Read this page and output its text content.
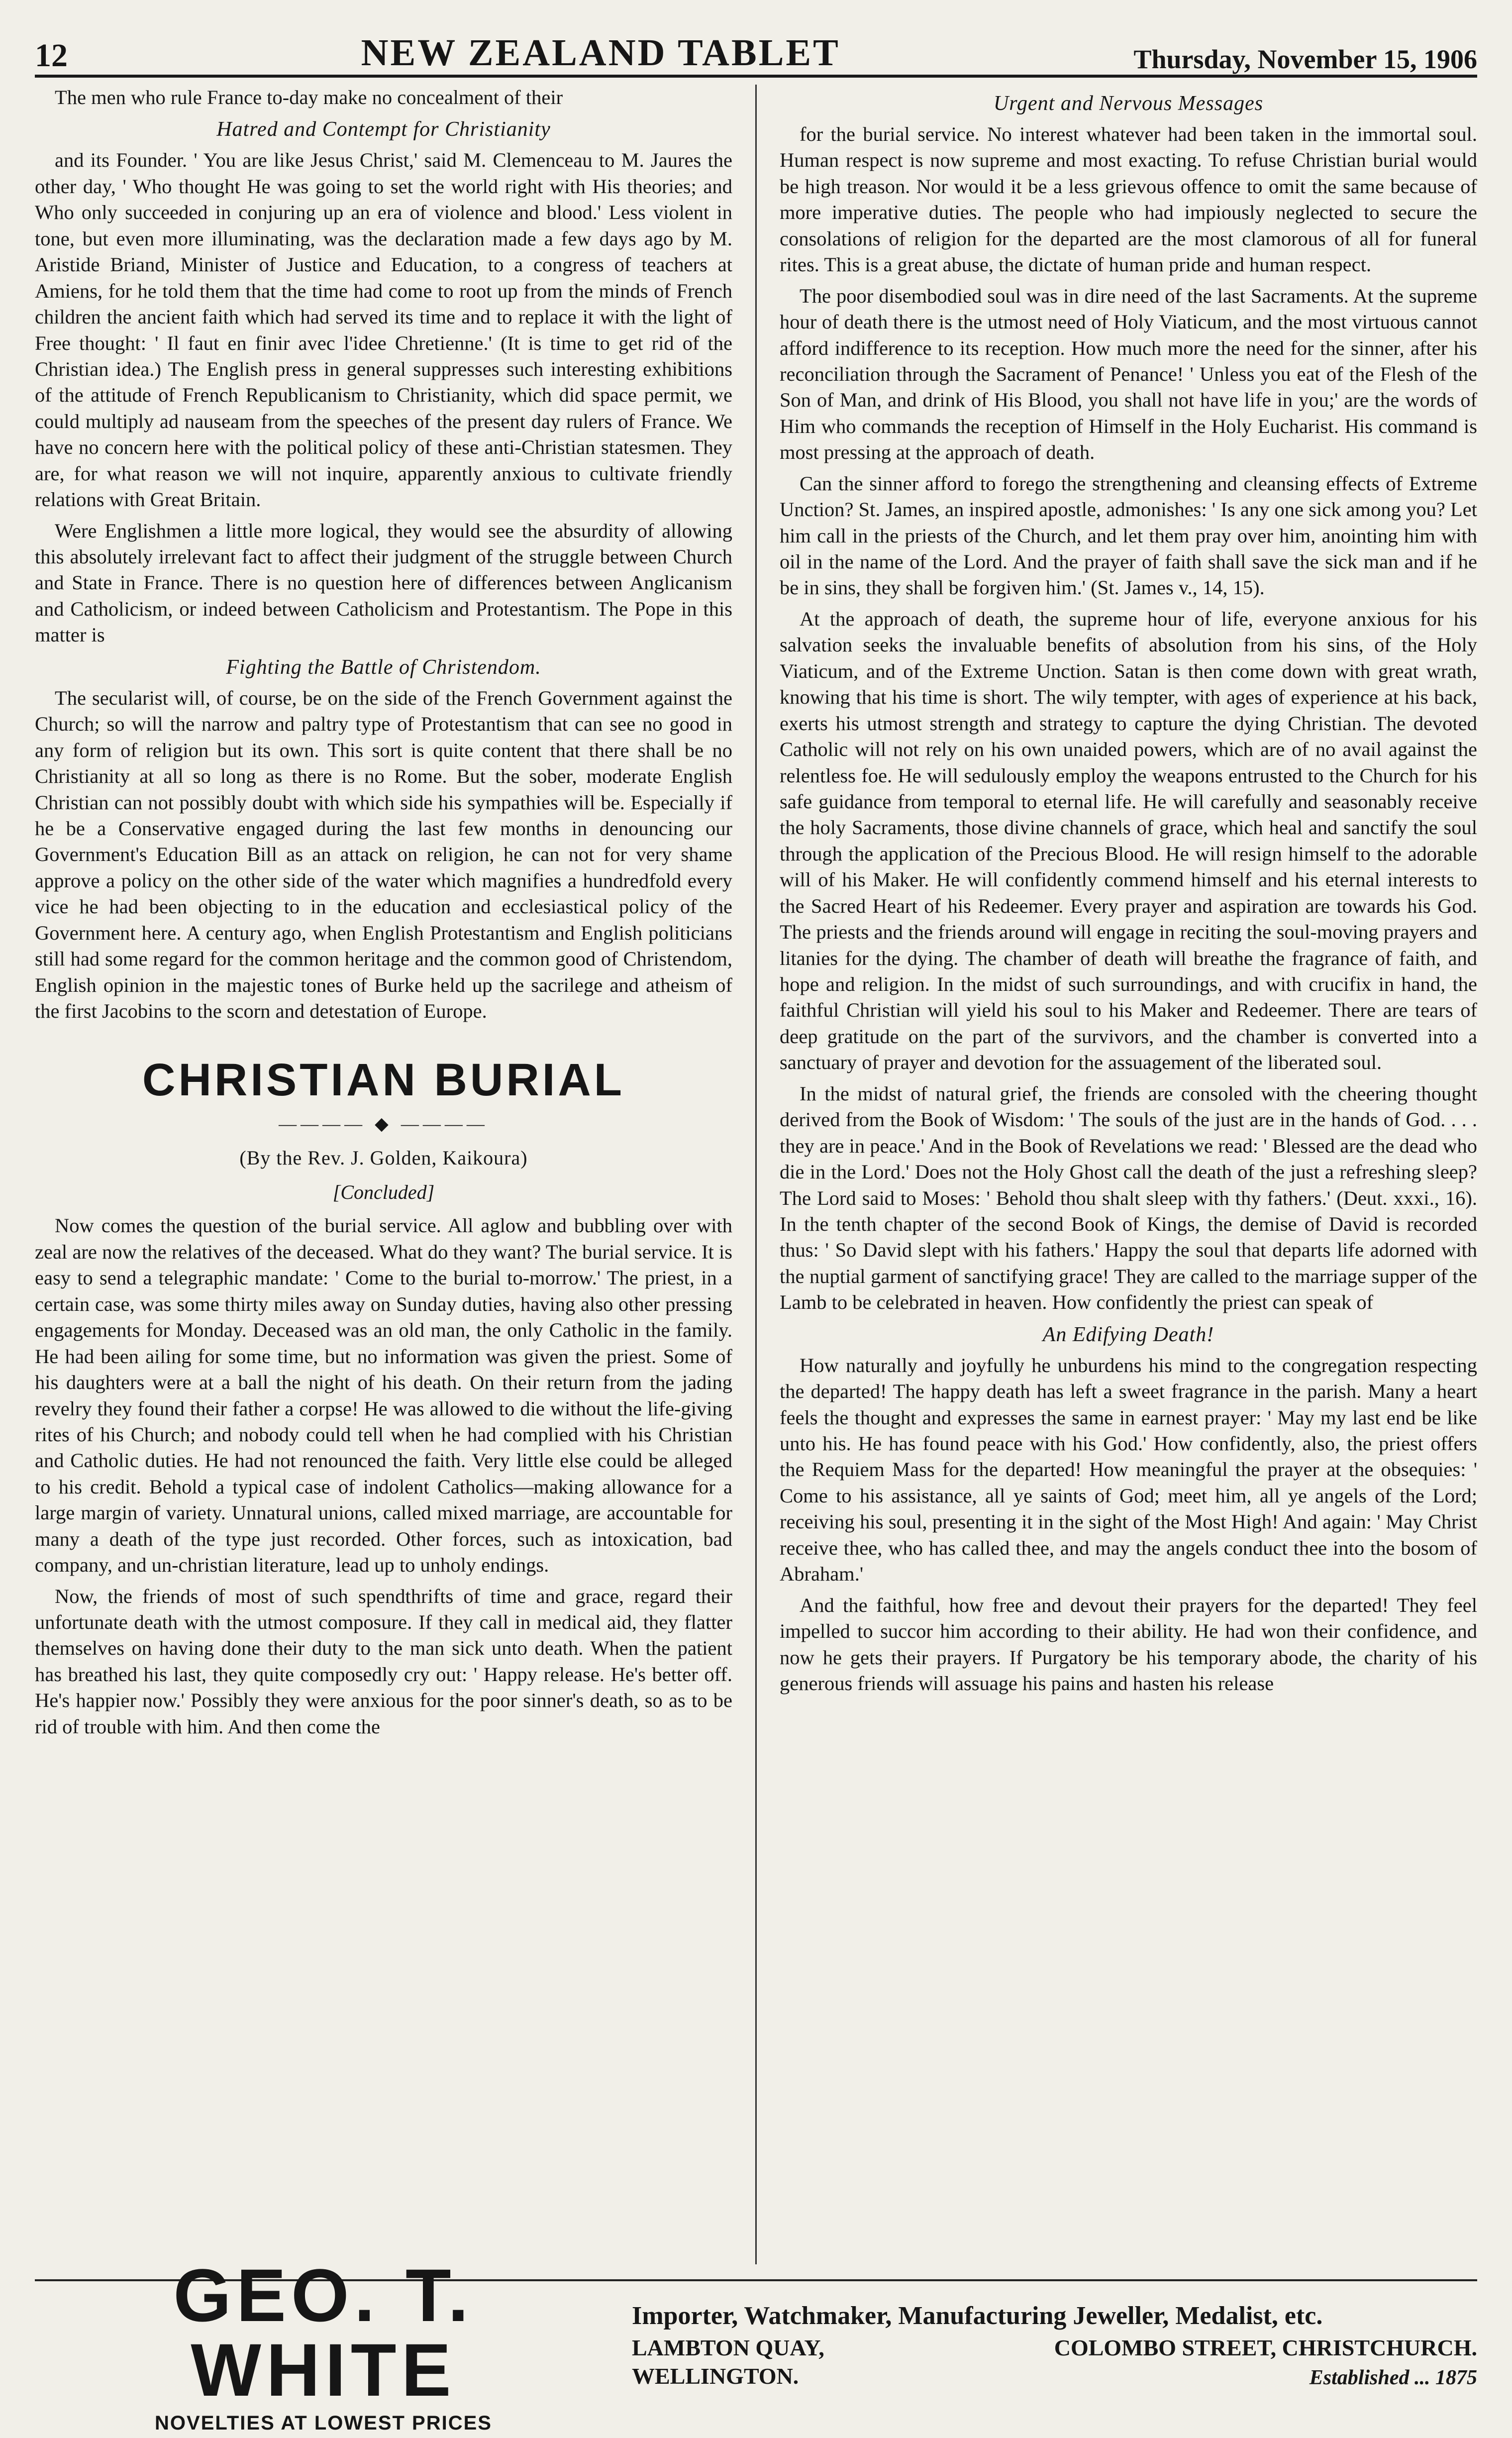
12	NEW ZEALAND TABLET	Thursday, November 15, 1906

The men who rule France to-day make no concealment of their

Hatred and Contempt for Christianity

and its Founder. ' You are like Jesus Christ,' said M. Clemenceau to M. Jaures the other day, ' Who thought He was going to set the world right with His theories; and Who only succeeded in conjuring up an era of violence and blood.' Less violent in tone, but even more illuminating, was the declaration made a few days ago by M. Aristide Briand, Minister of Justice and Education, to a congress of teachers at Amiens, for he told them that the time had come to root up from the minds of French children the ancient faith which had served its time and to replace it with the light of Free thought: ' Il faut en finir avec l'idee Chretienne.' (It is time to get rid of the Christian idea.) The English press in general suppresses such interesting exhibitions of the attitude of French Republicanism to Christianity, which did space permit, we could multiply ad nauseam from the speeches of the present day rulers of France. We have no concern here with the political policy of these anti-Christian statesmen. They are, for what reason we will not inquire, apparently anxious to cultivate friendly relations with Great Britain.

Were Englishmen a little more logical, they would see the absurdity of allowing this absolutely irrelevant fact to affect their judgment of the struggle between Church and State in France. There is no question here of differences between Anglicanism and Catholicism, or indeed between Catholicism and Protestantism. The Pope in this matter is

Fighting the Battle of Christendom.

The secularist will, of course, be on the side of the French Government against the Church; so will the narrow and paltry type of Protestantism that can see no good in any form of religion but its own. This sort is quite content that there shall be no Christianity at all so long as there is no Rome. But the sober, moderate English Christian can not possibly doubt with which side his sympathies will be. Especially if he be a Conservative engaged during the last few months in denouncing our Government's Education Bill as an attack on religion, he can not for very shame approve a policy on the other side of the water which magnifies a hundredfold every vice he had been objecting to in the education and ecclesiastical policy of the Government here. A century ago, when English Protestantism and English politicians still had some regard for the common heritage and the common good of Christendom, English opinion in the majestic tones of Burke held up the sacrilege and atheism of the first Jacobins to the scorn and detestation of Europe.

CHRISTIAN BURIAL
———— ◆ ————
(By the Rev. J. Golden, Kaikoura)
[Concluded]

Now comes the question of the burial service. All aglow and bubbling over with zeal are now the relatives of the deceased. What do they want? The burial service. It is easy to send a telegraphic mandate: ' Come to the burial to-morrow.' The priest, in a certain case, was some thirty miles away on Sunday duties, having also other pressing engagements for Monday. Deceased was an old man, the only Catholic in the family. He had been ailing for some time, but no information was given the priest. Some of his daughters were at a ball the night of his death. On their return from the jading revelry they found their father a corpse! He was allowed to die without the life-giving rites of his Church; and nobody could tell when he had complied with his Christian and Catholic duties. He had not renounced the faith. Very little else could be alleged to his credit. Behold a typical case of indolent Catholics—making allowance for a large margin of variety. Unnatural unions, called mixed marriage, are accountable for many a death of the type just recorded. Other forces, such as intoxication, bad company, and un-christian literature, lead up to unholy endings.

Now, the friends of most of such spendthrifts of time and grace, regard their unfortunate death with the utmost composure. If they call in medical aid, they flatter themselves on having done their duty to the man sick unto death. When the patient has breathed his last, they quite composedly cry out: ' Happy release. He's better off. He's happier now.' Possibly they were anxious for the poor sinner's death, so as to be rid of trouble with him. And then come the

Urgent and Nervous Messages

for the burial service. No interest whatever had been taken in the immortal soul. Human respect is now supreme and most exacting. To refuse Christian burial would be high treason. Nor would it be a less grievous offence to omit the same because of more imperative duties. The people who had impiously neglected to secure the consolations of religion for the departed are the most clamorous of all for funeral rites. This is a great abuse, the dictate of human pride and human respect.

The poor disembodied soul was in dire need of the last Sacraments. At the supreme hour of death there is the utmost need of Holy Viaticum, and the most virtuous cannot afford indifference to its reception. How much more the need for the sinner, after his reconciliation through the Sacrament of Penance! ' Unless you eat of the Flesh of the Son of Man, and drink of His Blood, you shall not have life in you;' are the words of Him who commands the reception of Himself in the Holy Eucharist. His command is most pressing at the approach of death.

Can the sinner afford to forego the strengthening and cleansing effects of Extreme Unction? St. James, an inspired apostle, admonishes: ' Is any one sick among you? Let him call in the priests of the Church, and let them pray over him, anointing him with oil in the name of the Lord. And the prayer of faith shall save the sick man and if he be in sins, they shall be forgiven him.' (St. James v., 14, 15).

At the approach of death, the supreme hour of life, everyone anxious for his salvation seeks the invaluable benefits of absolution from his sins, of the Holy Viaticum, and of the Extreme Unction. Satan is then come down with great wrath, knowing that his time is short. The wily tempter, with ages of experience at his back, exerts his utmost strength and strategy to capture the dying Christian. The devoted Catholic will not rely on his own unaided powers, which are of no avail against the relentless foe. He will sedulously employ the weapons entrusted to the Church for his safe guidance from temporal to eternal life. He will carefully and seasonably receive the holy Sacraments, those divine channels of grace, which heal and sanctify the soul through the application of the Precious Blood. He will resign himself to the adorable will of his Maker. He will confidently commend himself and his eternal interests to the Sacred Heart of his Redeemer. Every prayer and aspiration are towards his God. The priests and the friends around will engage in reciting the soul-moving prayers and litanies for the dying. The chamber of death will breathe the fragrance of faith, and hope and religion. In the midst of such surroundings, and with crucifix in hand, the faithful Christian will yield his soul to his Maker and Redeemer. There are tears of deep gratitude on the part of the survivors, and the chamber is converted into a sanctuary of prayer and devotion for the assuagement of the liberated soul.

In the midst of natural grief, the friends are consoled with the cheering thought derived from the Book of Wisdom: ' The souls of the just are in the hands of God. . . . they are in peace.' And in the Book of Revelations we read: ' Blessed are the dead who die in the Lord.' Does not the Holy Ghost call the death of the just a refreshing sleep? The Lord said to Moses: ' Behold thou shalt sleep with thy fathers.' (Deut. xxxi., 16). In the tenth chapter of the second Book of Kings, the demise of David is recorded thus: ' So David slept with his fathers.' Happy the soul that departs life adorned with the nuptial garment of sanctifying grace! They are called to the marriage supper of the Lamb to be celebrated in heaven. How confidently the priest can speak of

An Edifying Death!

How naturally and joyfully he unburdens his mind to the congregation respecting the departed! The happy death has left a sweet fragrance in the parish. Many a heart feels the thought and expresses the same in earnest prayer: ' May my last end be like unto his. He has found peace with his God.' How confidently, also, the priest offers the Requiem Mass for the departed! How meaningful the prayer at the obsequies: ' Come to his assistance, all ye saints of God; meet him, all ye angels of the Lord; receiving his soul, presenting it in the sight of the Most High! And again: ' May Christ receive thee, who has called thee, and may the angels conduct thee into the bosom of Abraham.'

And the faithful, how free and devout their prayers for the departed! They feel impelled to succor him according to their ability. He had won their confidence, and now he gets their prayers. If Purgatory be his temporary abode, the charity of his generous friends will assuage his pains and hasten his release

GEO. T. WHITE
NOVELTIES AT LOWEST PRICES
Importer, Watchmaker, Manufacturing Jeweller, Medalist, etc.
LAMBTON QUAY,
WELLINGTON.
COLOMBO STREET, CHRISTCHURCH.
Established ... 1875
